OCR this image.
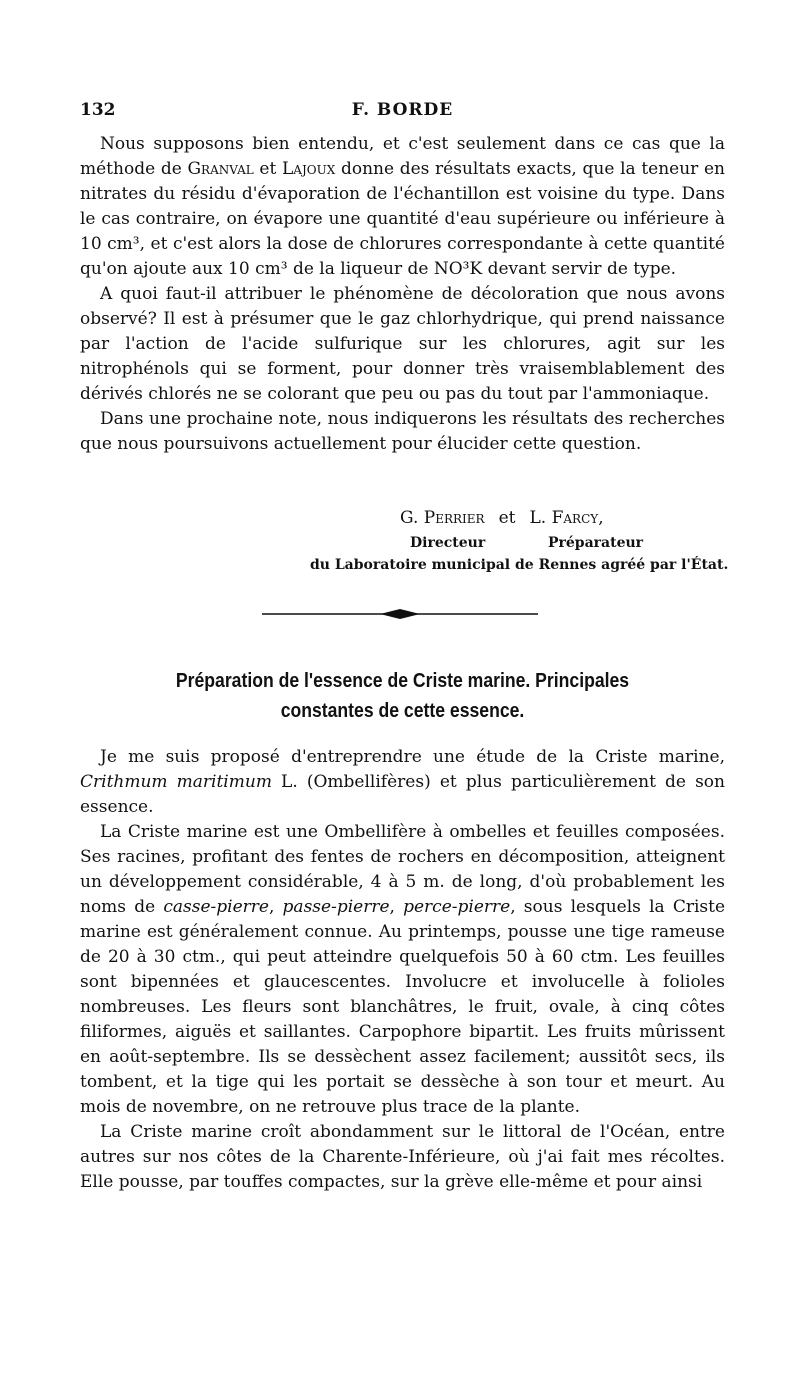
132	F. BORDE

Nous supposons bien entendu, et c'est seulement dans ce cas que la méthode de Granval et Lajoux donne des résultats exacts, que la teneur en nitrates du résidu d'évaporation de l'échantillon est voisine du type. Dans le cas contraire, on évapore une quantité d'eau supérieure ou inférieure à 10 cm³, et c'est alors la dose de chlorures correspondante à cette quantité qu'on ajoute aux 10 cm³ de la liqueur de NO³K devant servir de type.

A quoi faut-il attribuer le phénomène de décoloration que nous avons observé? Il est à présumer que le gaz chlorhydrique, qui prend naissance par l'action de l'acide sulfurique sur les chlorures, agit sur les nitrophénols qui se forment, pour donner très vraisemblablement des dérivés chlorés ne se colorant que peu ou pas du tout par l'ammoniaque.

Dans une prochaine note, nous indiquerons les résultats des recherches que nous poursuivons actuellement pour élucider cette question.

G. Perrier et L. Farcy,
Directeur	Préparateur
du Laboratoire municipal de Rennes agréé par l'État.
Préparation de l'essence de Criste marine. Principales
constantes de cette essence.

Je me suis proposé d'entreprendre une étude de la Criste marine, Crithmum maritimum L. (Ombellifères) et plus particulièrement de son essence.

La Criste marine est une Ombellifère à ombelles et feuilles composées. Ses racines, profitant des fentes de rochers en décomposition, atteignent un développement considérable, 4 à 5 m. de long, d'où probablement les noms de casse-pierre, passe-pierre, perce-pierre, sous lesquels la Criste marine est généralement connue. Au printemps, pousse une tige rameuse de 20 à 30 ctm., qui peut atteindre quelquefois 50 à 60 ctm. Les feuilles sont bipennées et glaucescentes. Involucre et involucelle à folioles nombreuses. Les fleurs sont blanchâtres, le fruit, ovale, à cinq côtes filiformes, aiguës et saillantes. Carpophore bipartit. Les fruits mûrissent en août-septembre. Ils se dessèchent assez facilement; aussitôt secs, ils tombent, et la tige qui les portait se dessèche à son tour et meurt. Au mois de novembre, on ne retrouve plus trace de la plante.

La Criste marine croît abondamment sur le littoral de l'Océan, entre autres sur nos côtes de la Charente-Inférieure, où j'ai fait mes récoltes. Elle pousse, par touffes compactes, sur la grève elle-même et pour ainsi
